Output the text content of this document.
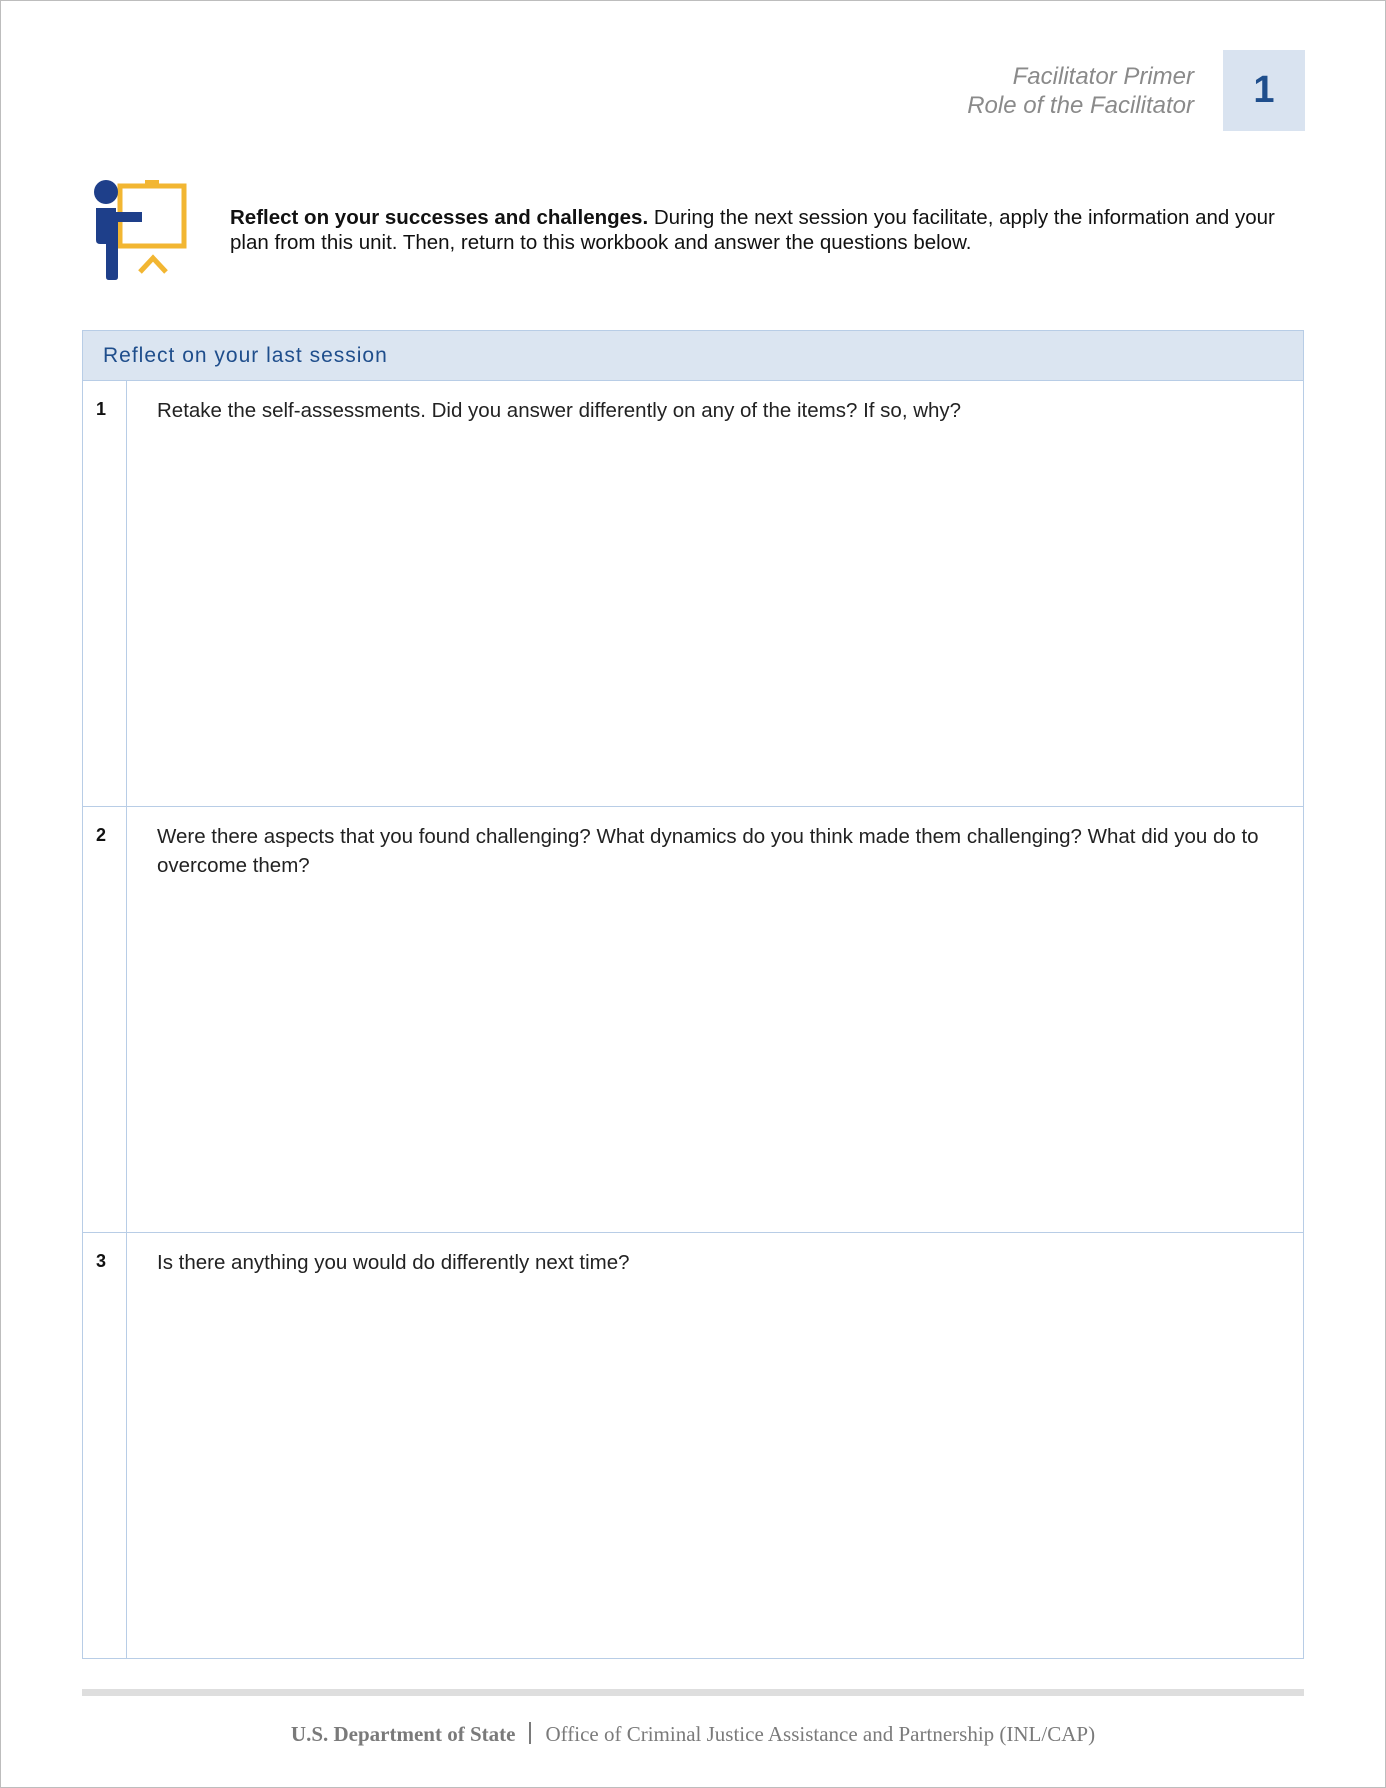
Facilitator Primer
Role of the Facilitator	1
Reflect on your successes and challenges. During the next session you facilitate, apply the information and your plan from this unit. Then, return to this workbook and answer the questions below.
Reflect on your last session
1	Retake the self-assessments. Did you answer differently on any of the items? If so, why?
2	Were there aspects that you found challenging? What dynamics do you think made them challenging? What did you do to overcome them?
3	Is there anything you would do differently next time?
U.S. Department of State Office of Criminal Justice Assistance and Partnership (INL/CAP)
